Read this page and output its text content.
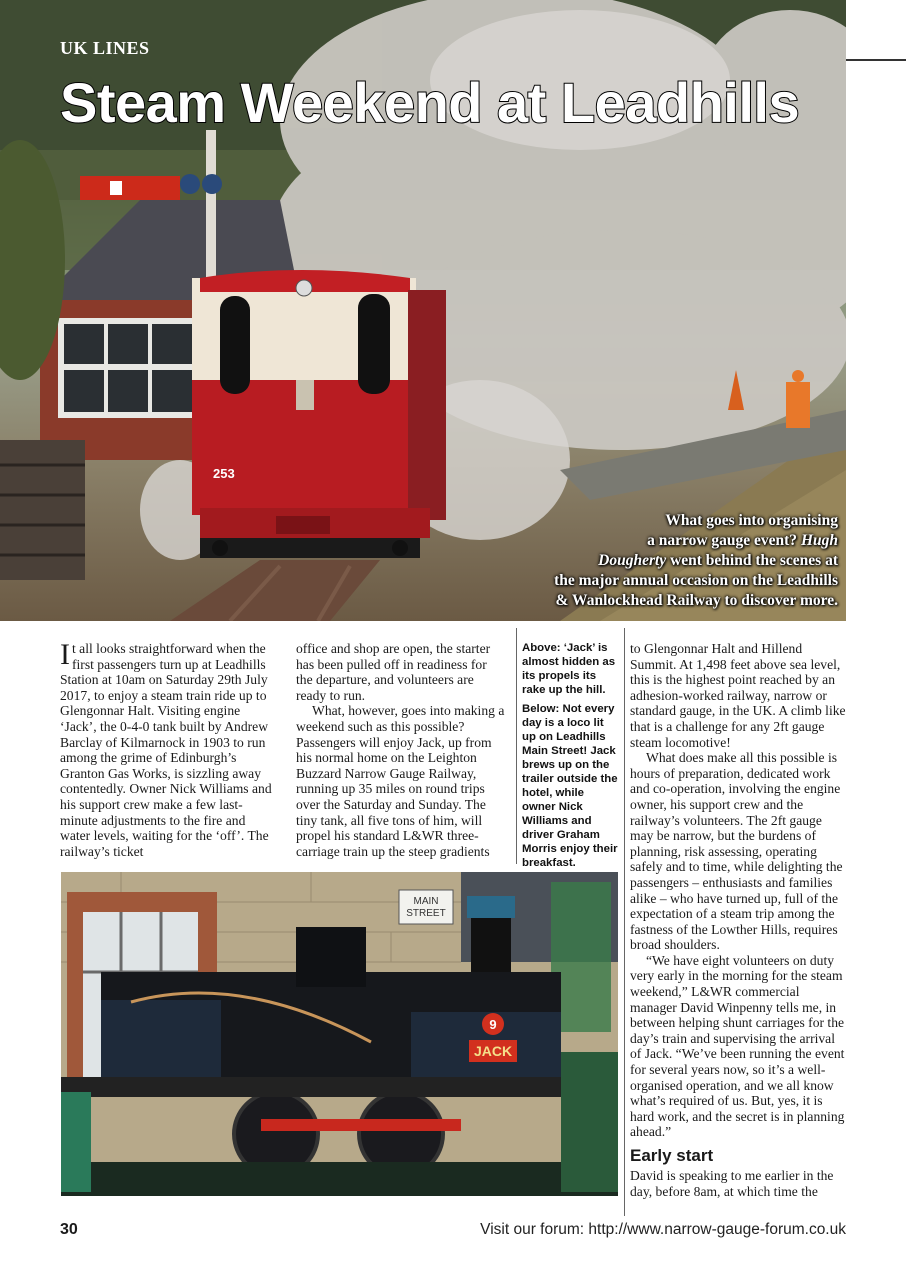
253
UK LINES
Steam Weekend at Leadhills
What goes into organising
a narrow gauge event? Hugh
Dougherty went behind the scenes at
the major annual occasion on the Leadhills
& Wanlockhead Railway to discover more.

It all looks straightforward when the first passengers turn up at Leadhills Station at 10am on Saturday 29th July 2017, to enjoy a steam train ride up to Glengonnar Halt. Visiting engine ‘Jack’, the 0-4-0 tank built by Andrew Barclay of Kilmarnock in 1903 to run among the grime of Edinburgh’s Granton Gas Works, is sizzling away contentedly. Owner Nick Williams and his support crew make a few last-minute adjustments to the fire and water levels, waiting for the ‘off’. The railway’s ticket

office and shop are open, the starter has been pulled off in readiness for the departure, and volunteers are ready to run.

What, however, goes into making a weekend such as this possible? Passengers will enjoy Jack, up from his normal home on the Leighton Buzzard Narrow Gauge Railway, running up 35 miles on round trips over the Saturday and Sunday. The tiny tank, all five tons of him, will propel his standard L&WR three-carriage train up the steep gradients

Above: ‘Jack’ is almost hidden as its propels its rake up the hill.

Below: Not every day is a loco lit up on Leadhills Main Street! Jack brews up on the trailer outside the hotel, while owner Nick Williams and driver Graham Morris enjoy their breakfast.

MAIN STREET
9
JACK

to Glengonnar Halt and Hillend Summit. At 1,498 feet above sea level, this is the highest point reached by an adhesion-worked railway, narrow or standard gauge, in the UK. A climb like that is a challenge for any 2ft gauge steam locomotive!

What does make all this possible is hours of preparation, dedicated work and co-operation, involving the engine owner, his support crew and the railway’s volunteers. The 2ft gauge may be narrow, but the burdens of planning, risk assessing, operating safely and to time, while delighting the passengers – enthusiasts and families alike – who have turned up, full of the expectation of a steam trip among the fastness of the Lowther Hills, requires broad shoulders.

“We have eight volunteers on duty very early in the morning for the steam weekend,” L&WR commercial manager David Winpenny tells me, in between helping shunt carriages for the day’s train and supervising the arrival of Jack. “We’ve been running the event for several years now, so it’s a well-organised operation, and we all know what’s required of us. But, yes, it is hard work, and the secret is in planning ahead.”

Early start

David is speaking to me earlier in the day, before 8am, at which time the

30	Visit our forum: http://www.narrow-gauge-forum.co.uk
